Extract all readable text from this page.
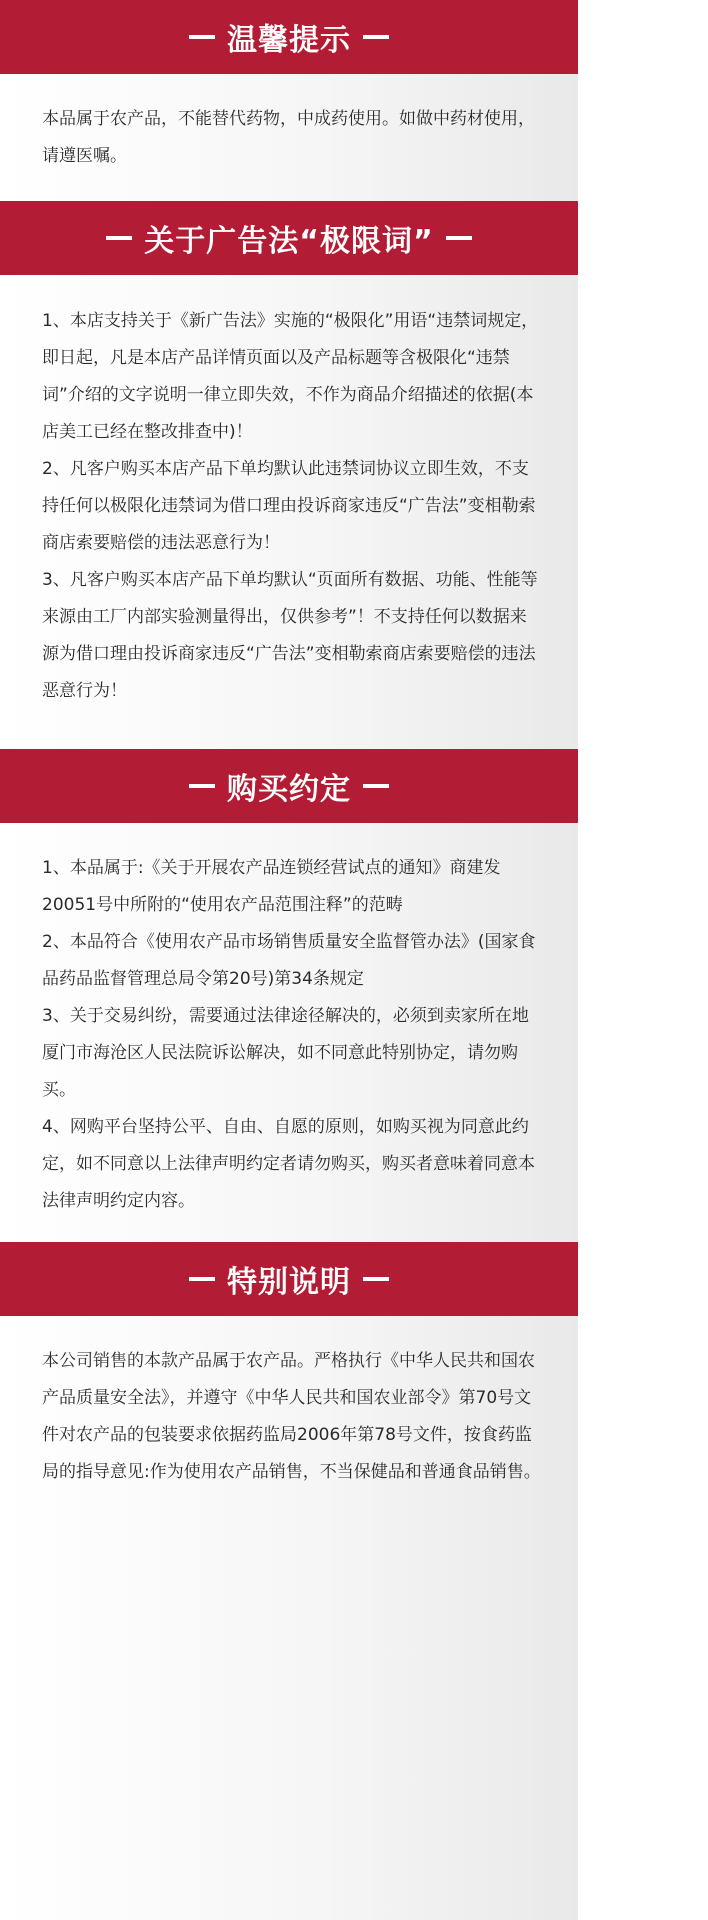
温馨提示

本品属于农产品，不能替代药物，中成药使用。如做中药材使用，请遵医嘱。

关于广告法“极限词”

1、本店支持关于《新广告法》实施的“极限化”用语“违禁词规定，即日起，凡是本店产品详情页面以及产品标题等含极限化“违禁词”介绍的文字说明一律立即失效，不作为商品介绍描述的依据(本店美工已经在整改排查中)！

2、凡客户购买本店产品下单均默认此违禁词协议立即生效，不支持任何以极限化违禁词为借口理由投诉商家违反“广告法”变相勒索商店索要赔偿的违法恶意行为！

3、凡客户购买本店产品下单均默认“页面所有数据、功能、性能等来源由工厂内部实验测量得出，仅供参考”！不支持任何以数据来源为借口理由投诉商家违反“广告法”变相勒索商店索要赔偿的违法恶意行为！

购买约定

1、本品属于:《关于开展农产品连锁经营试点的通知》商建发20051号中所附的“使用农产品范围注释”的范畴

2、本品符合《使用农产品市场销售质量安全监督管办法》(国家食品药品监督管理总局令第20号)第34条规定

3、关于交易纠纷，需要通过法律途径解决的，必须到卖家所在地厦门市海沧区人民法院诉讼解决，如不同意此特别协定，请勿购买。

4、网购平台坚持公平、自由、自愿的原则，如购买视为同意此约定，如不同意以上法律声明约定者请勿购买，购买者意味着同意本法律声明约定内容。

特别说明

本公司销售的本款产品属于农产品。严格执行《中华人民共和国农产品质量安全法》，并遵守《中华人民共和国农业部令》第70号文件对农产品的包装要求依据药监局2006年第78号文件，按食药监局的指导意见:作为使用农产品销售，不当保健品和普通食品销售。
